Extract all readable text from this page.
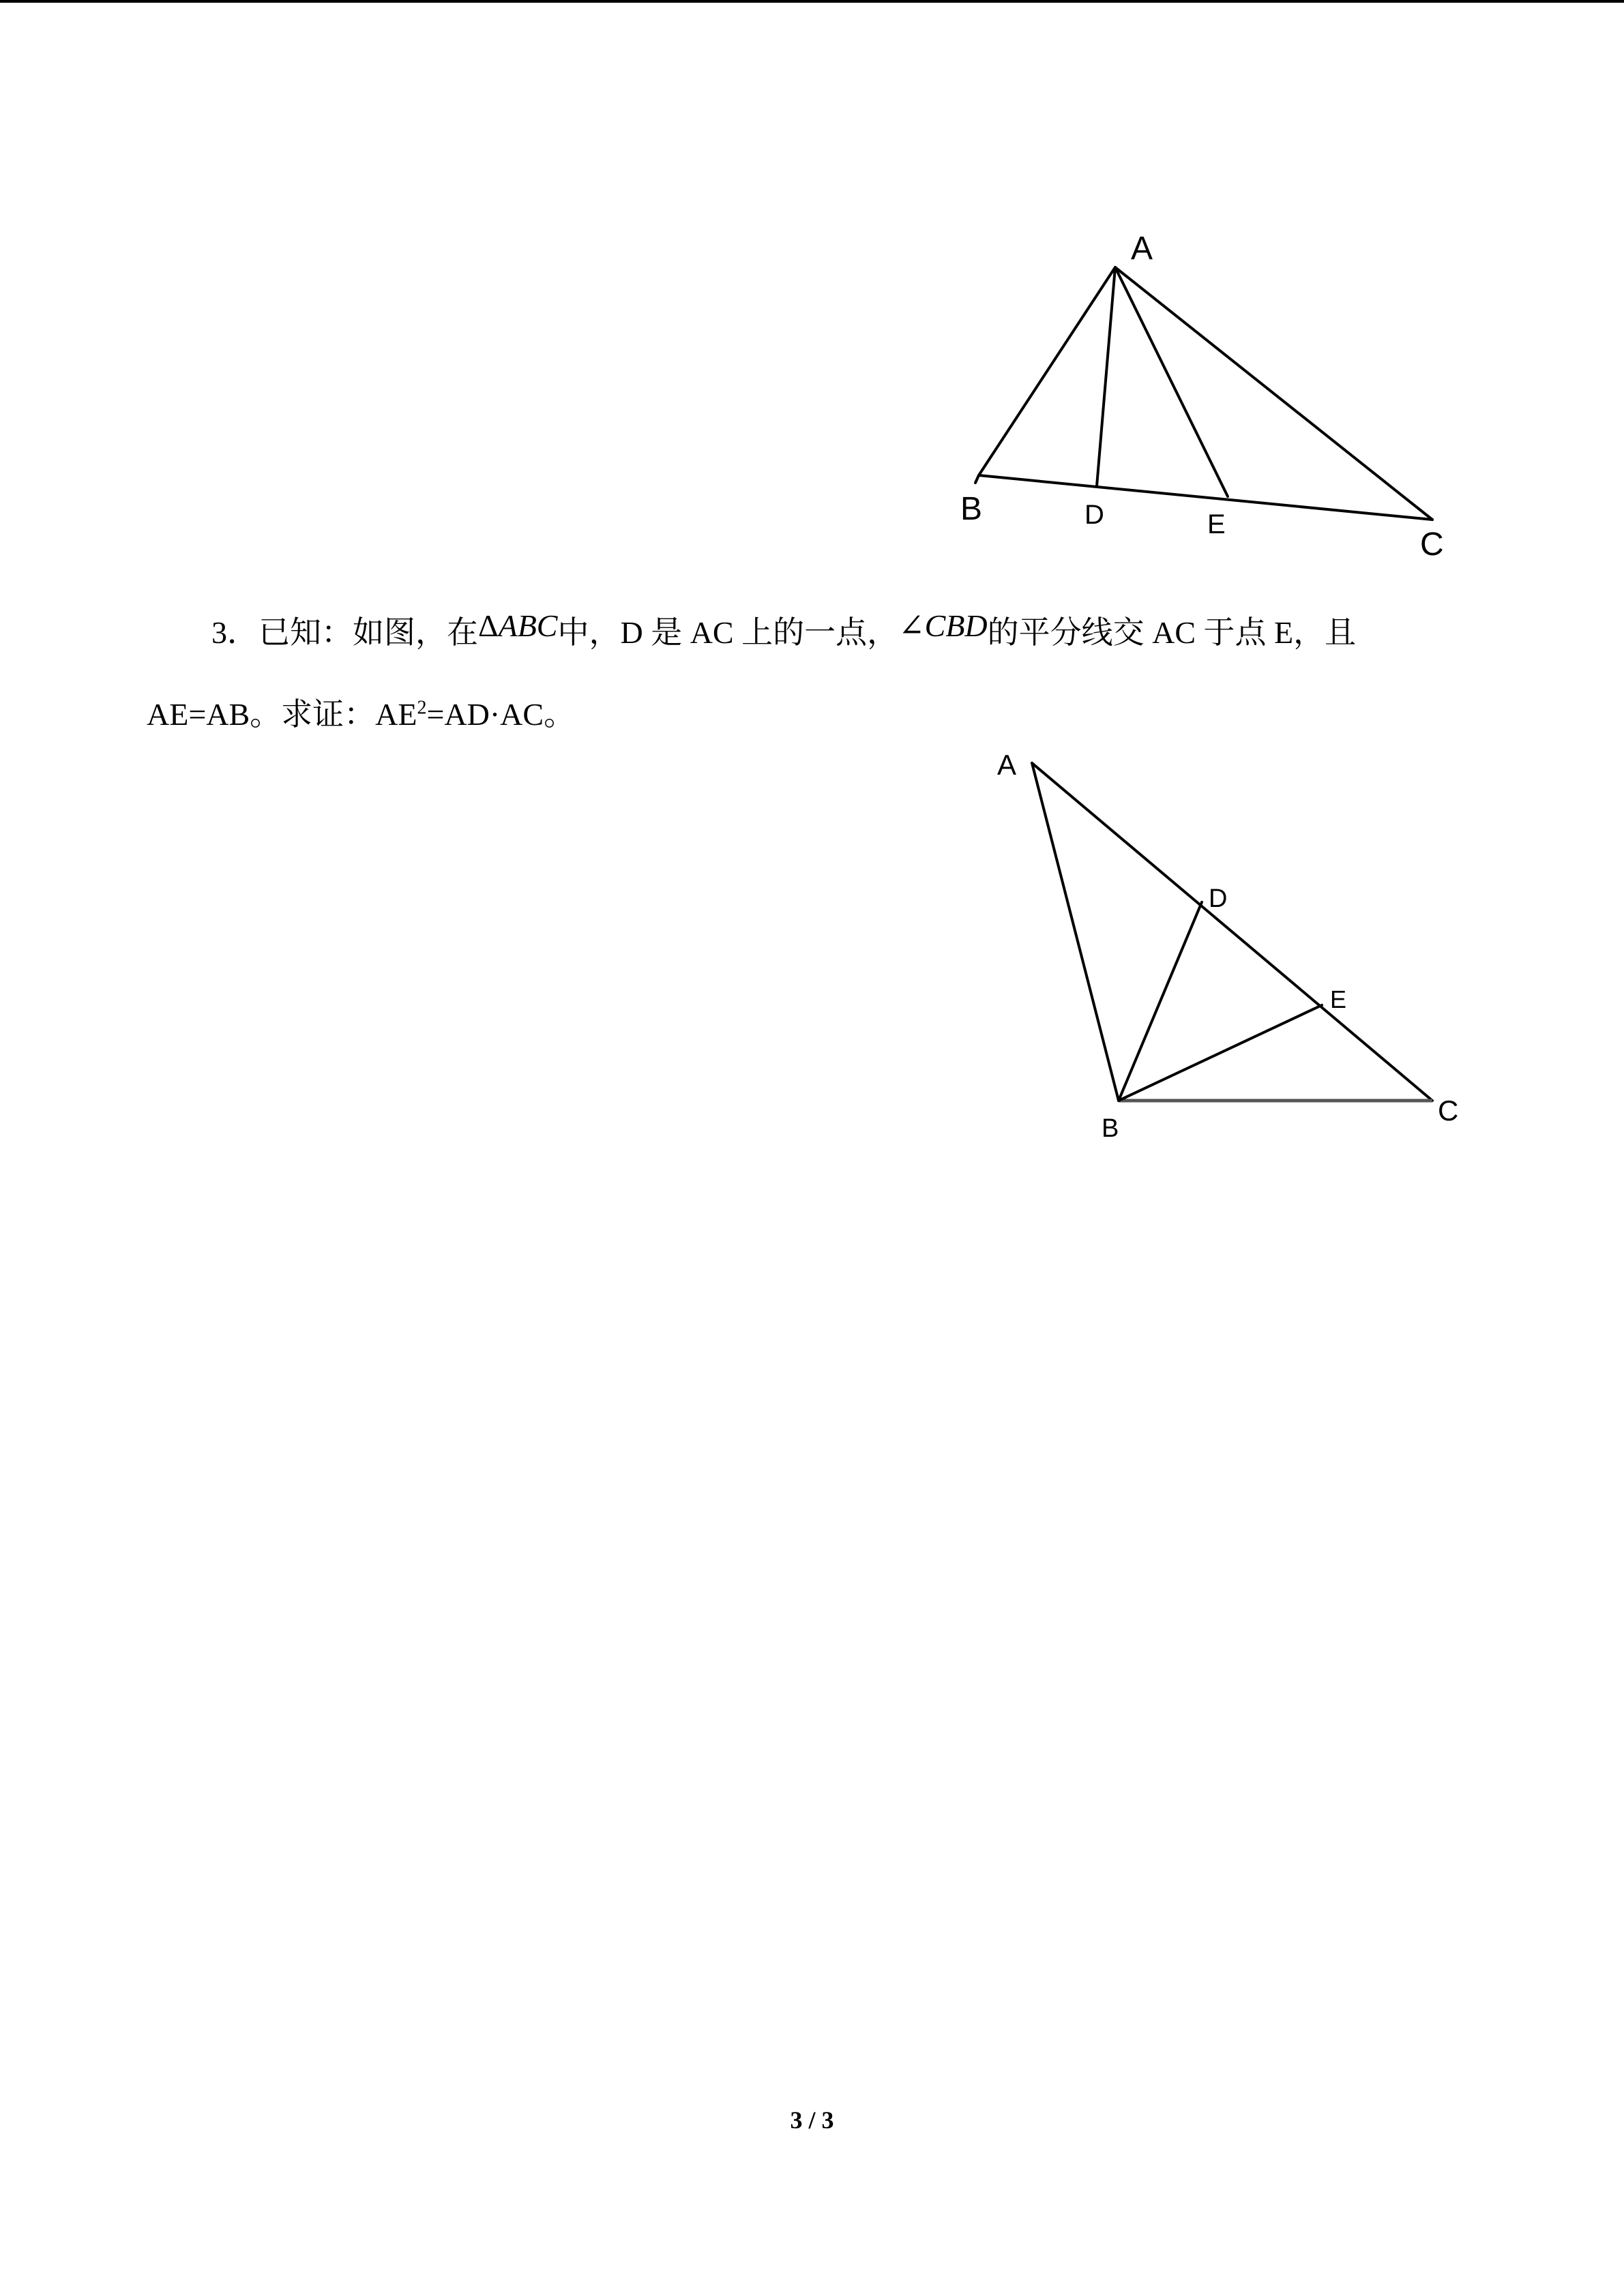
A
B	D	E
C
3．已知：如图，在ΔABC中，D 是 AC 上的一点，∠CBD的平分线交 AC 于点 E，且
AE=AB。求证：$AE^2=AD\cdot AC$。
A
D
E
B
C
3 / 3
